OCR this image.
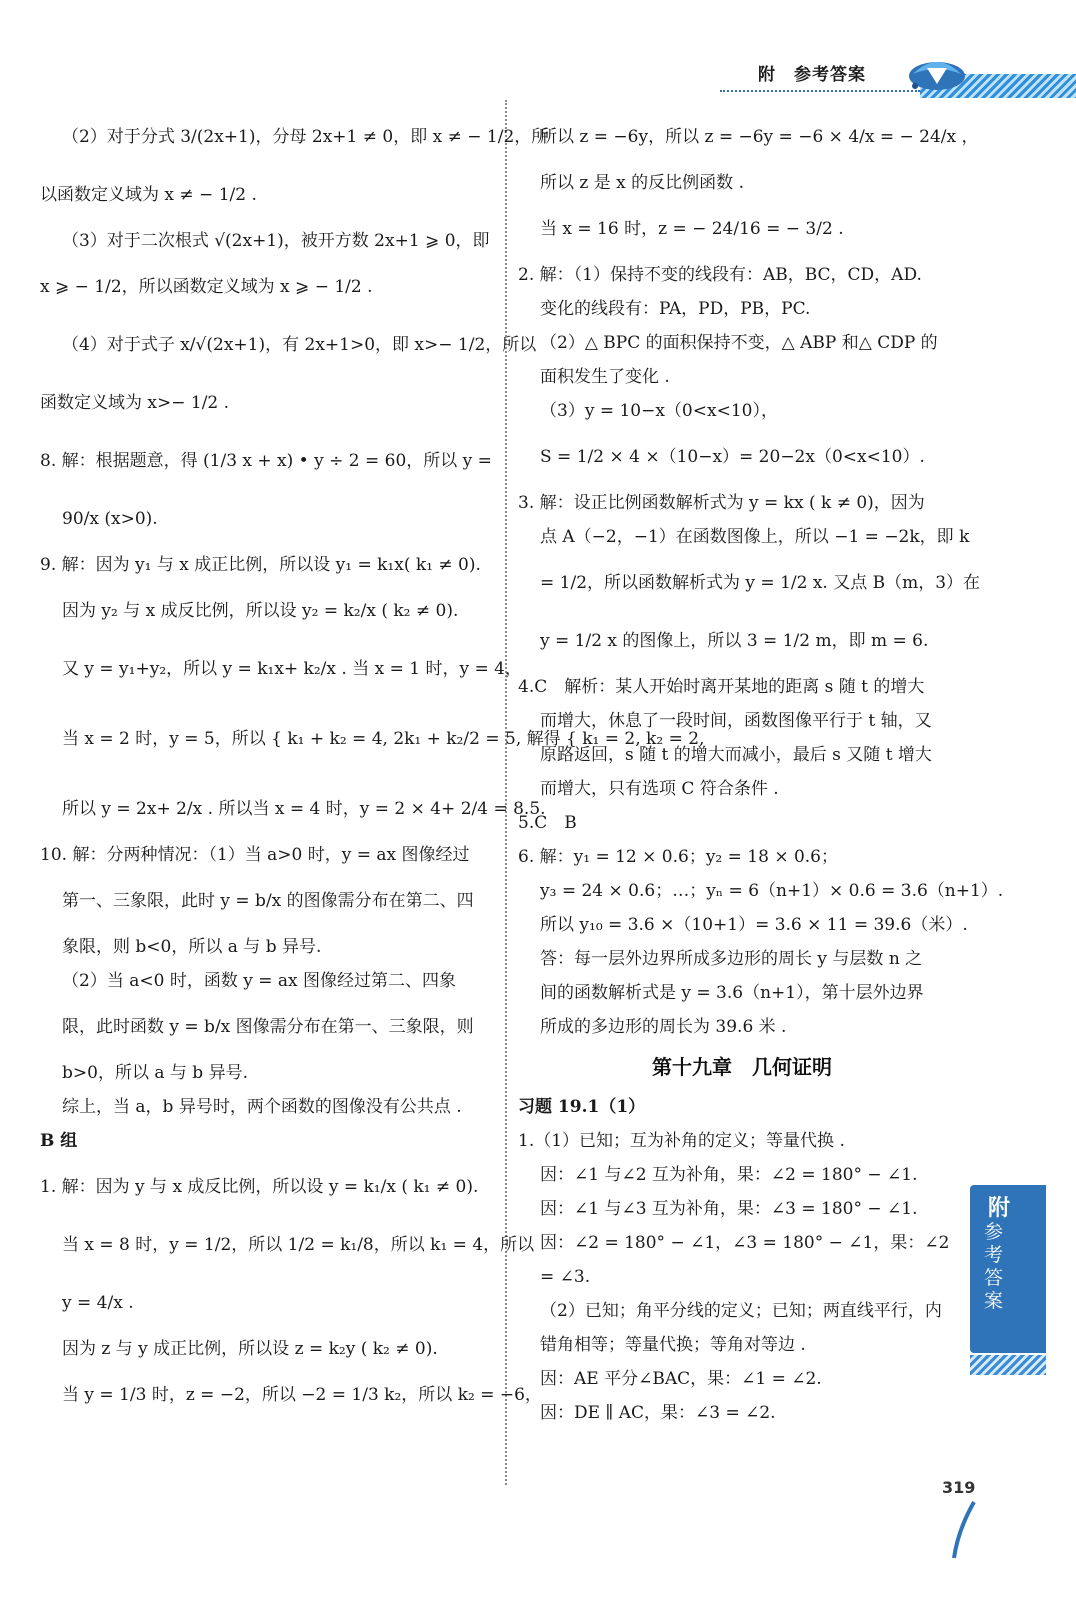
附　参考答案
（2）对于分式 3/(2x+1)，分母 2x+1 ≠ 0，即 x ≠ − 1/2，所
以函数定义域为 x ≠ − 1/2 .
（3）对于二次根式 √(2x+1)，被开方数 2x+1 ⩾ 0，即
x ⩾ − 1/2，所以函数定义域为 x ⩾ − 1/2 .
（4）对于式子 x/√(2x+1)，有 2x+1>0，即 x>− 1/2，所以
函数定义域为 x>− 1/2 .
8. 解：根据题意，得 (1/3 x + x) • y ÷ 2 = 60，所以 y =
90/x (x>0).
9. 解：因为 y₁ 与 x 成正比例，所以设 y₁ = k₁x( k₁ ≠ 0).
因为 y₂ 与 x 成反比例，所以设 y₂ = k₂/x ( k₂ ≠ 0).
又 y = y₁+y₂，所以 y = k₁x+ k₂/x . 当 x = 1 时，y = 4，
当 x = 2 时，y = 5，所以 { k₁ + k₂ = 4, 2k₁ + k₂/2 = 5, 解得 { k₁ = 2, k₂ = 2,
所以 y = 2x+ 2/x . 所以当 x = 4 时，y = 2 × 4+ 2/4 = 8.5.
10. 解：分两种情况：（1）当 a>0 时，y = ax 图像经过
第一、三象限，此时 y = b/x 的图像需分布在第二、四
象限，则 b<0，所以 a 与 b 异号.
（2）当 a<0 时，函数 y = ax 图像经过第二、四象
限，此时函数 y = b/x 图像需分布在第一、三象限，则
b>0，所以 a 与 b 异号.
综上，当 a，b 异号时，两个函数的图像没有公共点 .
B 组
1. 解：因为 y 与 x 成反比例，所以设 y = k₁/x ( k₁ ≠ 0).
当 x = 8 时，y = 1/2，所以 1/2 = k₁/8，所以 k₁ = 4，所以
y = 4/x .
因为 z 与 y 成正比例，所以设 z = k₂y ( k₂ ≠ 0).
当 y = 1/3 时，z = −2，所以 −2 = 1/3 k₂，所以 k₂ = −6，
所以 z = −6y，所以 z = −6y = −6 × 4/x = − 24/x ，
所以 z 是 x 的反比例函数 .
当 x = 16 时，z = − 24/16 = − 3/2 .
2. 解：（1）保持不变的线段有：AB，BC，CD，AD.
变化的线段有：PA，PD，PB，PC.
（2）△ BPC 的面积保持不变，△ ABP 和△ CDP 的
面积发生了变化 .
（3）y = 10−x（0<x<10），
S = 1/2 × 4 ×（10−x）= 20−2x（0<x<10）.
3. 解：设正比例函数解析式为 y = kx ( k ≠ 0)，因为
点 A（−2，−1）在函数图像上，所以 −1 = −2k，即 k
= 1/2，所以函数解析式为 y = 1/2 x. 又点 B（m，3）在
y = 1/2 x 的图像上，所以 3 = 1/2 m，即 m = 6.
4.C　解析：某人开始时离开某地的距离 s 随 t 的增大
而增大，休息了一段时间，函数图像平行于 t 轴，又
原路返回，s 随 t 的增大而减小，最后 s 又随 t 增大
而增大，只有选项 C 符合条件 .
5.C　B
6. 解：y₁ = 12 × 0.6；y₂ = 18 × 0.6；
y₃ = 24 × 0.6；…；yₙ = 6（n+1）× 0.6 = 3.6（n+1）.
所以 y₁₀ = 3.6 ×（10+1）= 3.6 × 11 = 39.6（米）.
答：每一层外边界所成多边形的周长 y 与层数 n 之
间的函数解析式是 y = 3.6（n+1），第十层外边界
所成的多边形的周长为 39.6 米 .
第十九章　几何证明
习题 19.1（1）
1.（1）已知；互为补角的定义；等量代换 .
因：∠1 与∠2 互为补角，果：∠2 = 180° − ∠1.
因：∠1 与∠3 互为补角，果：∠3 = 180° − ∠1.
因：∠2 = 180° − ∠1，∠3 = 180° − ∠1，果：∠2
= ∠3.
（2）已知；角平分线的定义；已知；两直线平行，内
错角相等；等量代换；等角对等边 .
因：AE 平分∠BAC，果：∠1 = ∠2.
因：DE ∥ AC，果：∠3 = ∠2.
附
参考答案
319
